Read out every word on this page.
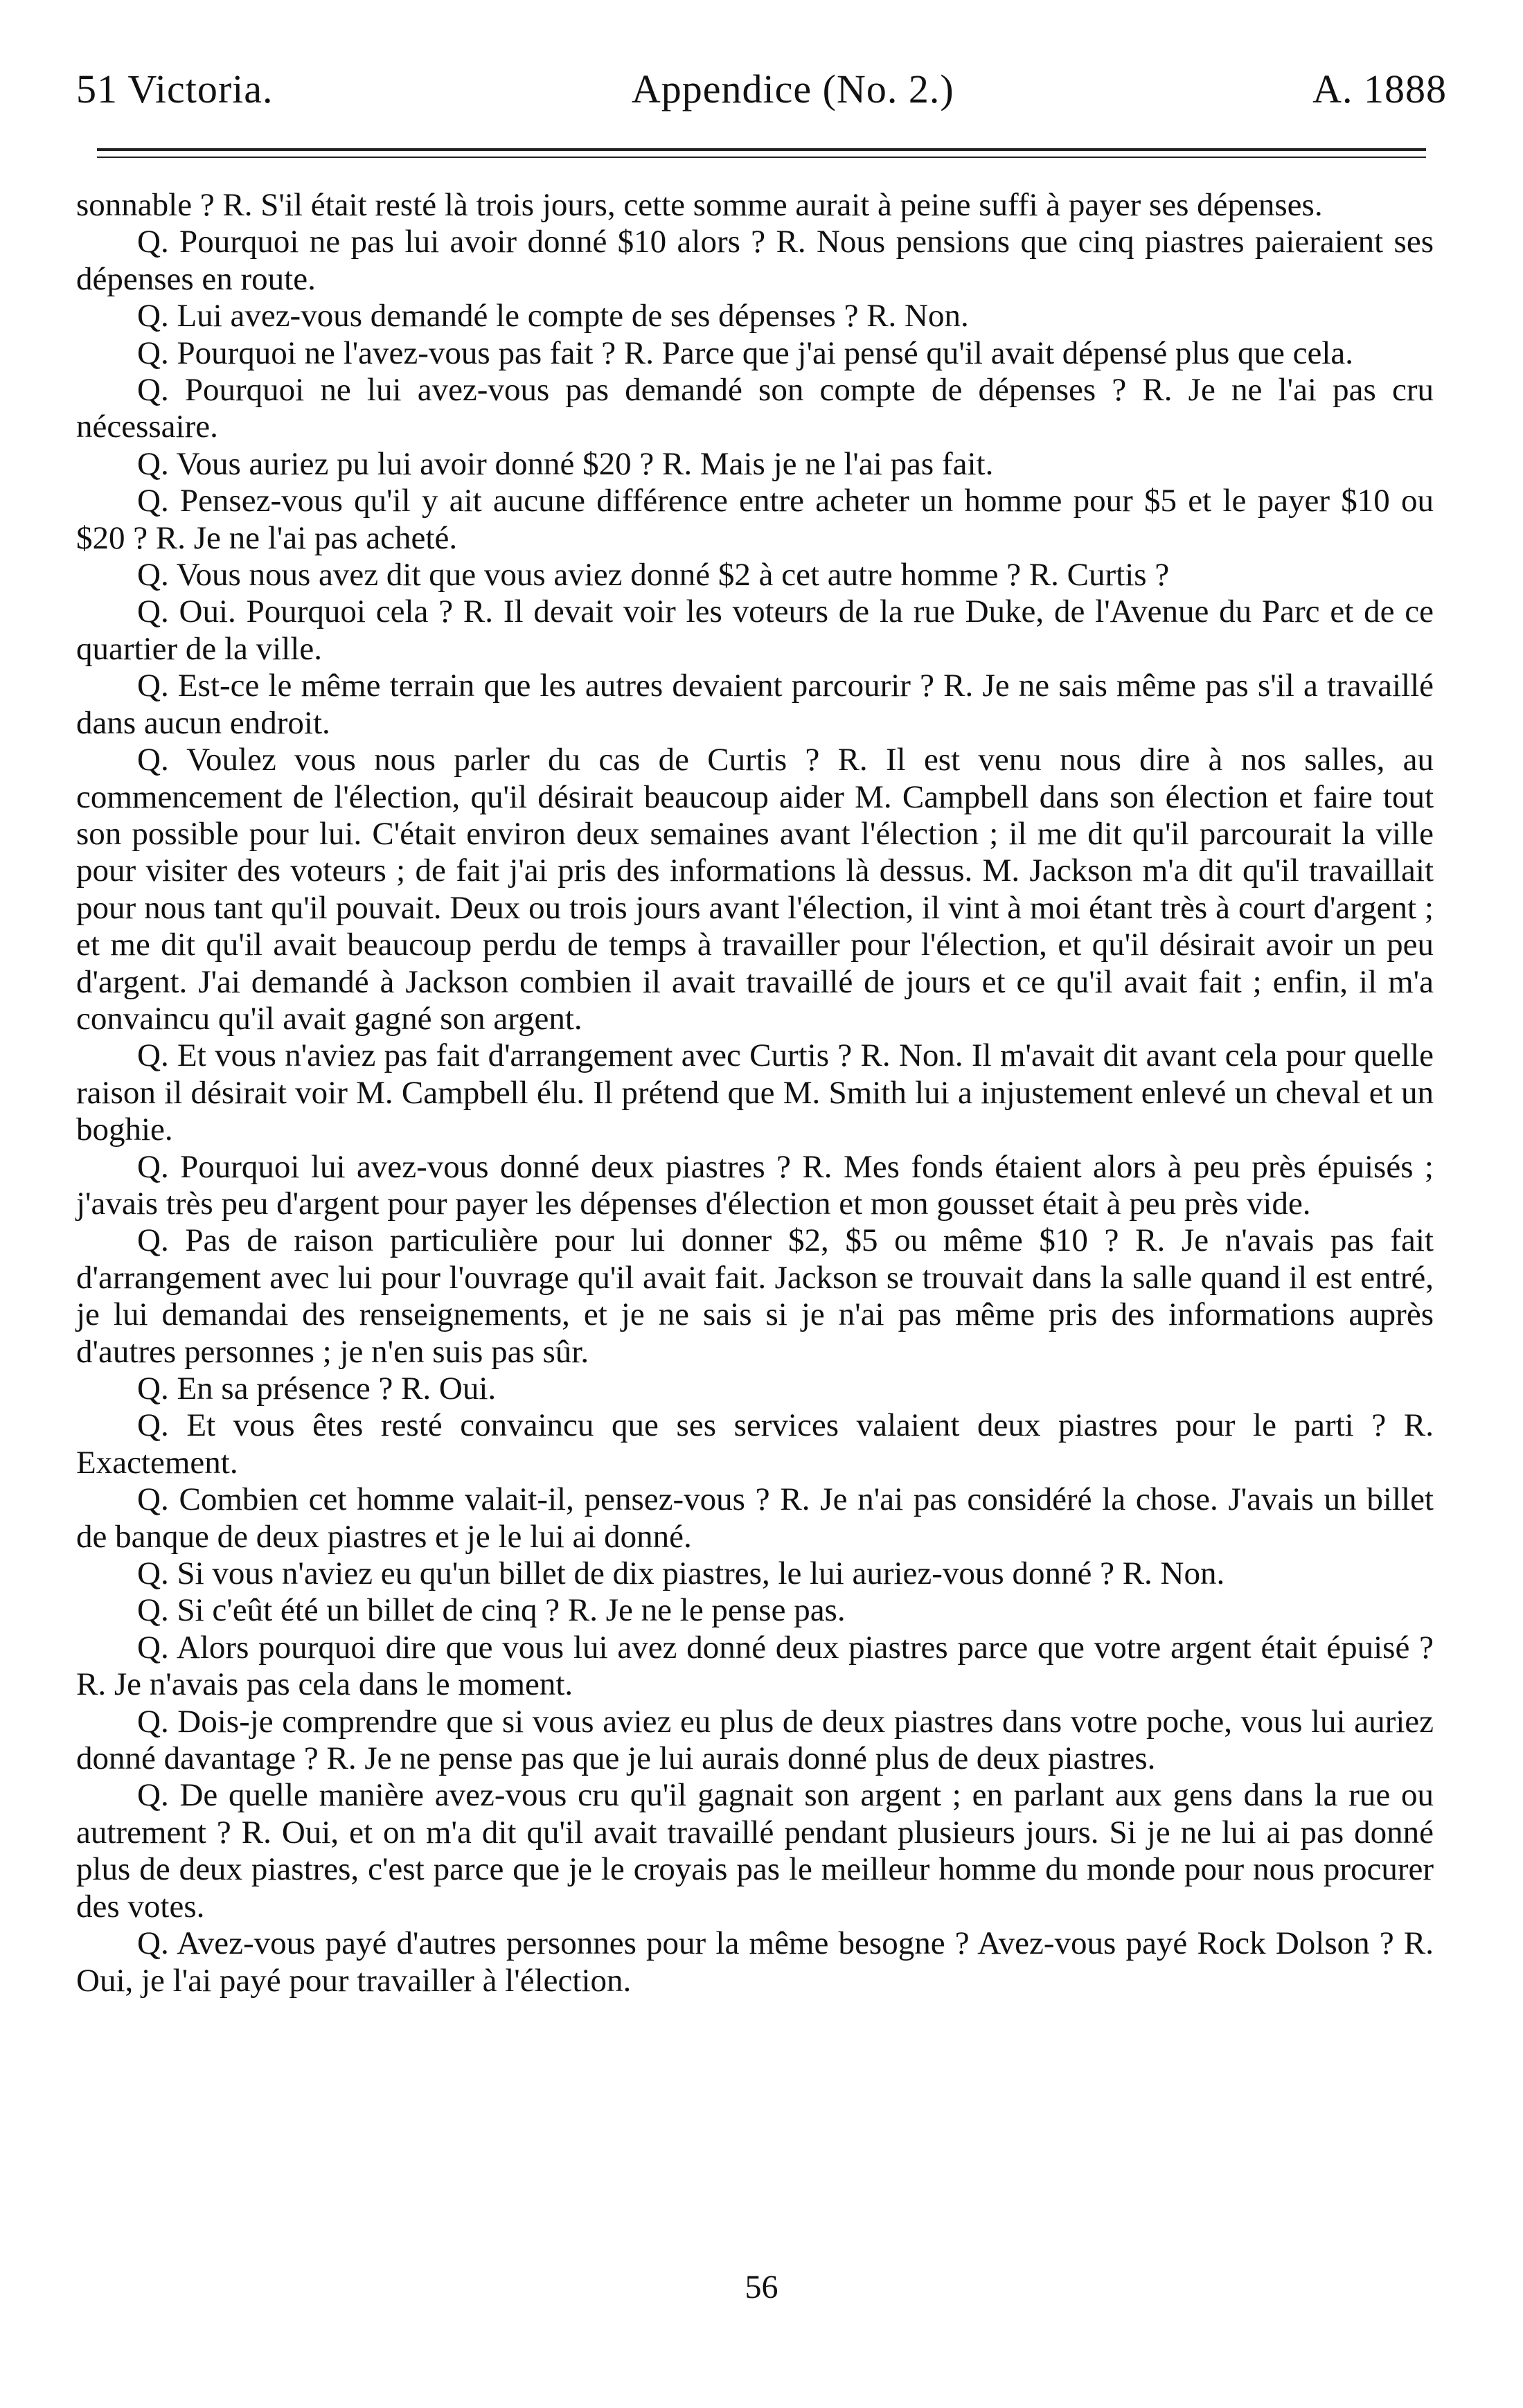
51 Victoria.	Appendice (No. 2.)	A. 1888

sonnable ? R. S'il était resté là trois jours, cette somme aurait à peine suffi à payer ses dépenses.

Q. Pourquoi ne pas lui avoir donné $10 alors ? R. Nous pensions que cinq piastres paieraient ses dépenses en route.

Q. Lui avez-vous demandé le compte de ses dépenses ? R. Non.

Q. Pourquoi ne l'avez-vous pas fait ? R. Parce que j'ai pensé qu'il avait dépensé plus que cela.

Q. Pourquoi ne lui avez-vous pas demandé son compte de dépenses ? R. Je ne l'ai pas cru nécessaire.

Q. Vous auriez pu lui avoir donné $20 ? R. Mais je ne l'ai pas fait.

Q. Pensez-vous qu'il y ait aucune différence entre acheter un homme pour $5 et le payer $10 ou $20 ? R. Je ne l'ai pas acheté.

Q. Vous nous avez dit que vous aviez donné $2 à cet autre homme ? R. Curtis ?

Q. Oui. Pourquoi cela ? R. Il devait voir les voteurs de la rue Duke, de l'Avenue du Parc et de ce quartier de la ville.

Q. Est-ce le même terrain que les autres devaient parcourir ? R. Je ne sais même pas s'il a travaillé dans aucun endroit.

Q. Voulez vous nous parler du cas de Curtis ? R. Il est venu nous dire à nos salles, au commencement de l'élection, qu'il désirait beaucoup aider M. Campbell dans son élection et faire tout son possible pour lui. C'était environ deux semaines avant l'élection ; il me dit qu'il parcourait la ville pour visiter des voteurs ; de fait j'ai pris des informations là dessus. M. Jackson m'a dit qu'il travaillait pour nous tant qu'il pouvait. Deux ou trois jours avant l'élection, il vint à moi étant très à court d'argent ; et me dit qu'il avait beaucoup perdu de temps à travailler pour l'élection, et qu'il désirait avoir un peu d'argent. J'ai demandé à Jackson combien il avait travaillé de jours et ce qu'il avait fait ; enfin, il m'a convaincu qu'il avait gagné son argent.

Q. Et vous n'aviez pas fait d'arrangement avec Curtis ? R. Non. Il m'avait dit avant cela pour quelle raison il désirait voir M. Campbell élu. Il prétend que M. Smith lui a injustement enlevé un cheval et un boghie.

Q. Pourquoi lui avez-vous donné deux piastres ? R. Mes fonds étaient alors à peu près épuisés ; j'avais très peu d'argent pour payer les dépenses d'élection et mon gousset était à peu près vide.

Q. Pas de raison particulière pour lui donner $2, $5 ou même $10 ? R. Je n'avais pas fait d'arrangement avec lui pour l'ouvrage qu'il avait fait. Jackson se trouvait dans la salle quand il est entré, je lui demandai des renseignements, et je ne sais si je n'ai pas même pris des informations auprès d'autres personnes ; je n'en suis pas sûr.

Q. En sa présence ? R. Oui.

Q. Et vous êtes resté convaincu que ses services valaient deux piastres pour le parti ? R. Exactement.

Q. Combien cet homme valait-il, pensez-vous ? R. Je n'ai pas considéré la chose. J'avais un billet de banque de deux piastres et je le lui ai donné.

Q. Si vous n'aviez eu qu'un billet de dix piastres, le lui auriez-vous donné ? R. Non.

Q. Si c'eût été un billet de cinq ? R. Je ne le pense pas.

Q. Alors pourquoi dire que vous lui avez donné deux piastres parce que votre argent était épuisé ? R. Je n'avais pas cela dans le moment.

Q. Dois-je comprendre que si vous aviez eu plus de deux piastres dans votre poche, vous lui auriez donné davantage ? R. Je ne pense pas que je lui aurais donné plus de deux piastres.

Q. De quelle manière avez-vous cru qu'il gagnait son argent ; en parlant aux gens dans la rue ou autrement ? R. Oui, et on m'a dit qu'il avait travaillé pendant plusieurs jours. Si je ne lui ai pas donné plus de deux piastres, c'est parce que je le croyais pas le meilleur homme du monde pour nous procurer des votes.

Q. Avez-vous payé d'autres personnes pour la même besogne ? Avez-vous payé Rock Dolson ? R. Oui, je l'ai payé pour travailler à l'élection.

56
